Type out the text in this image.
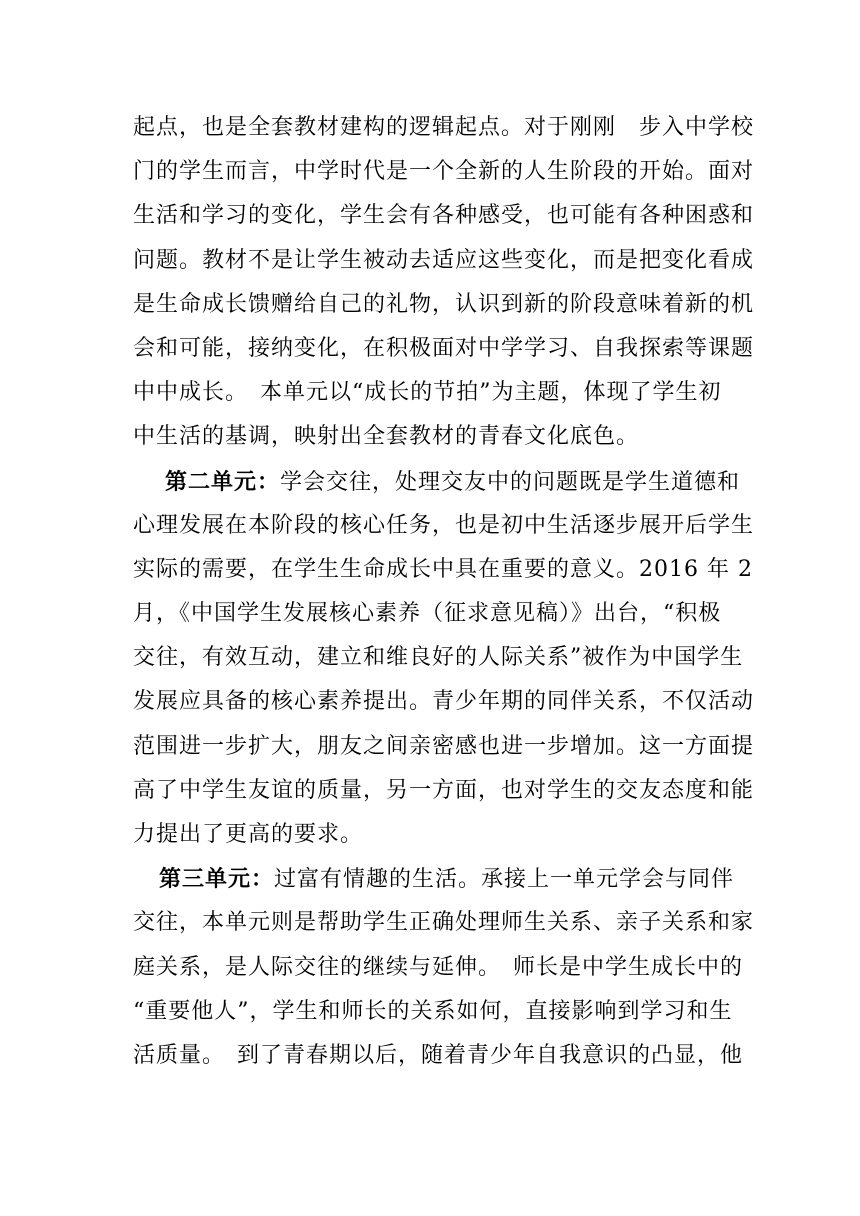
起点，也是全套教材建构的逻辑起点。对于刚刚　步入中学校
门的学生而言，中学时代是一个全新的人生阶段的开始。面对
生活和学习的变化，学生会有各种感受，也可能有各种困惑和
问题。教材不是让学生被动去适应这些变化，而是把变化看成
是生命成长馈赠给自己的礼物，认识到新的阶段意味着新的机
会和可能，接纳变化，在积极面对中学学习、自我探索等课题
中中成长。　本单元以“成长的节拍”为主题，体现了学生初
中生活的基调，映射出全套教材的青春文化底色。
第二单元：学会交往，处理交友中的问题既是学生道德和
心理发展在本阶段的核心任务，也是初中生活逐步展开后学生
实际的需要，在学生生命成长中具在重要的意义。2016 年 2
月，《中国学生发展核心素养（征求意见稿）》出台，“积极
交往，有效互动，建立和维良好的人际关系”被作为中国学生
发展应具备的核心素养提出。青少年期的同伴关系，不仅活动
范围进一步扩大，朋友之间亲密感也进一步增加。这一方面提
高了中学生友谊的质量，另一方面，也对学生的交友态度和能
力提出了更高的要求。
第三单元：过富有情趣的生活。承接上一单元学会与同伴
交往，本单元则是帮助学生正确处理师生关系、亲子关系和家
庭关系，是人际交往的继续与延伸。　师长是中学生成长中的
“重要他人”，学生和师长的关系如何，直接影响到学习和生
活质量。　到了青春期以后，随着青少年自我意识的凸显，他
